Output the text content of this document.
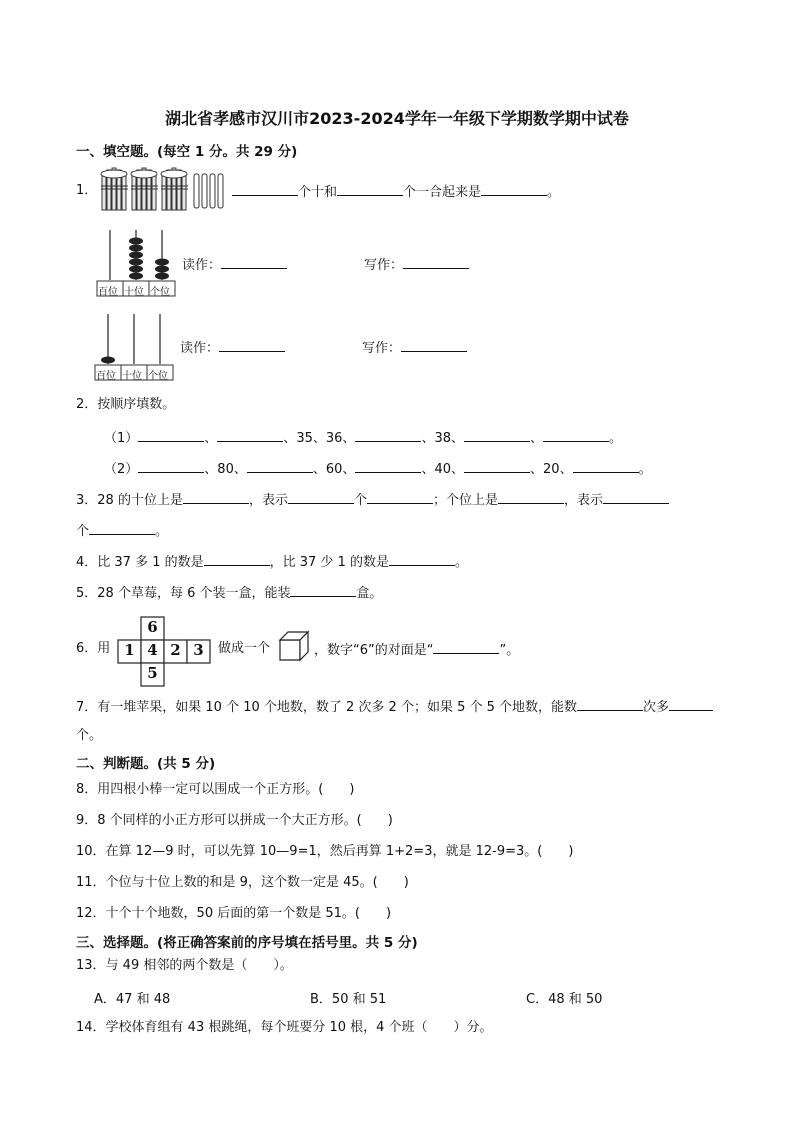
湖北省孝感市汉川市2023-2024学年一年级下学期数学期中试卷
一、填空题。(每空 1 分。共 29 分)
1．	个十和	个一合起来是	。
百位 十位 个位
读作：	写作：
百位 十位 个位
读作：	写作：
2．按顺序填数。
（1）	、	、35、36、	、38、	、	。
（2）	、80、	、60、	、40、	、20、	。
3．28 的十位上是	，表示	个	；个位上是	，表示
个	。
4．比 37 多 1 的数是	，比 37 少 1 的数是	。
5．28 个草莓，每 6 个装一盒，能装	盒。
6．用
6
1 4 2 3
5
做成一个	，数字“6”的对面是“	”。
7．有一堆苹果，如果 10 个 10 个地数，数了 2 次多 2 个；如果 5 个 5 个地数，能数	次多
个。
二、判断题。(共 5 分)
8．用四根小棒一定可以围成一个正方形。(　　)
9．8 个同样的小正方形可以拼成一个大正方形。(　　)
10．在算 12—9 时，可以先算 10—9=1，然后再算 1+2=3，就是 12-9=3。(　　)
11．个位与十位上数的和是 9，这个数一定是 45。(　　)
12．十个十个地数，50 后面的第一个数是 51。(　　)
三、选择题。(将正确答案前的序号填在括号里。共 5 分)
13．与 49 相邻的两个数是（　　）。
A．47 和 48	B．50 和 51	C．48 和 50
14．学校体育组有 43 根跳绳，每个班要分 10 根，4 个班（　　）分。
